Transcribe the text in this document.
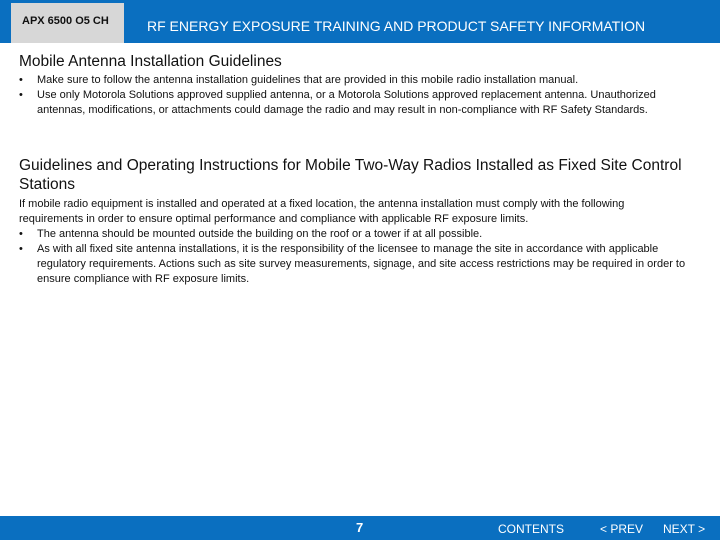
APX 6500 O5 CH	RF ENERGY EXPOSURE TRAINING AND PRODUCT SAFETY INFORMATION
Mobile Antenna Installation Guidelines
• Make sure to follow the antenna installation guidelines that are provided in this mobile radio installation manual.
• Use only Motorola Solutions approved supplied antenna, or a Motorola Solutions approved replacement antenna. Unauthorized antennas, modifications, or attachments could damage the radio and may result in non-compliance with RF Safety Standards.
Guidelines and Operating Instructions for Mobile Two-Way Radios Installed as Fixed Site Control Stations

If mobile radio equipment is installed and operated at a fixed location, the antenna installation must comply with the following requirements in order to ensure optimal performance and compliance with applicable RF exposure limits.

• The antenna should be mounted outside the building on the roof or a tower if at all possible.
• As with all fixed site antenna installations, it is the responsibility of the licensee to manage the site in accordance with applicable regulatory requirements. Actions such as site survey measurements, signage, and site access restrictions may be required in order to ensure compliance with RF exposure limits.
7	CONTENTS	< PREV NEXT >
